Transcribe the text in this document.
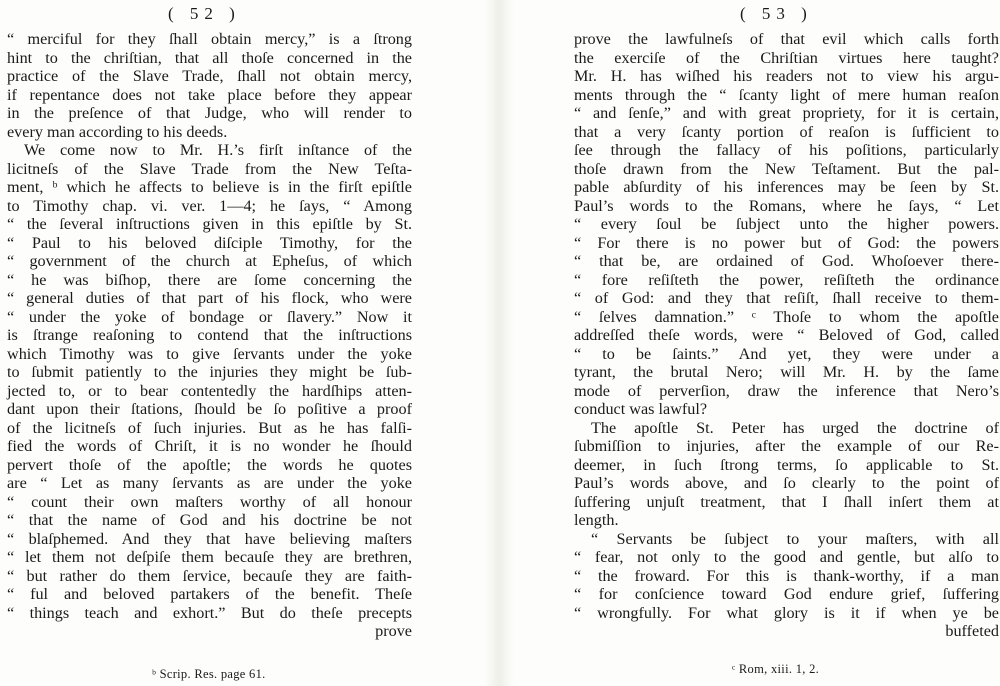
( 52 )
“ merciful for they ſhall obtain mercy,” is a ſtrong
hint to the chriſtian, that all thoſe concerned in the
practice of the Slave Trade, ſhall not obtain mercy,
if repentance does not take place before they appear
in the preſence of that Judge, who will render to
every man according to his deeds.
We come now to Mr. H.’s firſt inſtance of the
licitneſs of the Slave Trade from the New Teſta-
ment, ᵇ which he affects to believe is in the firſt epiſtle
to Timothy chap. vi. ver. 1—4; he ſays, “ Among
“ the ſeveral inſtructions given in this epiſtle by St.
“ Paul to his beloved diſciple Timothy, for the
“ government of the church at Epheſus, of which
“ he was biſhop, there are ſome concerning the
“ general duties of that part of his flock, who were
“ under the yoke of bondage or ſlavery.” Now it
is ſtrange reaſoning to contend that the inſtructions
which Timothy was to give ſervants under the yoke
to ſubmit patiently to the injuries they might be ſub-
jected to, or to bear contentedly the hardſhips atten-
dant upon their ſtations, ſhould be ſo poſitive a proof
of the licitneſs of ſuch injuries. But as he has falſi-
fied the words of Chriſt, it is no wonder he ſhould
pervert thoſe of the apoſtle; the words he quotes
are “ Let as many ſervants as are under the yoke
“ count their own maſters worthy of all honour
“ that the name of God and his doctrine be not
“ blaſphemed. And they that have believing maſters
“ let them not deſpiſe them becauſe they are brethren,
“ but rather do them ſervice, becauſe they are faith-
“ ful and beloved partakers of the benefit. Theſe
“ things teach and exhort.” But do theſe precepts
prove
ᵇ Scrip. Res. page 61.
( 53 )
prove the lawfulneſs of that evil which calls forth
the exerciſe of the Chriſtian virtues here taught?
Mr. H. has wiſhed his readers not to view his argu-
ments through the “ ſcanty light of mere human reaſon
“ and ſenſe,” and with great propriety, for it is certain,
that a very ſcanty portion of reaſon is ſufficient to
ſee through the fallacy of his poſitions, particularly
thoſe drawn from the New Teſtament. But the pal-
pable abſurdity of his inferences may be ſeen by St.
Paul’s words to the Romans, where he ſays, “ Let
“ every ſoul be ſubject unto the higher powers.
“ For there is no power but of God: the powers
“ that be, are ordained of God. Whoſoever there-
“ fore reſiſteth the power, reſiſteth the ordinance
“ of God: and they that reſiſt, ſhall receive to them-
“ ſelves damnation.” ᶜ Thoſe to whom the apoſtle
addreſſed theſe words, were “ Beloved of God, called
“ to be ſaints.” And yet, they were under a
tyrant, the brutal Nero; will Mr. H. by the ſame
mode of perverſion, draw the inference that Nero’s
conduct was lawful?
The apoſtle St. Peter has urged the doctrine of
ſubmiſſion to injuries, after the example of our Re-
deemer, in ſuch ſtrong terms, ſo applicable to St.
Paul’s words above, and ſo clearly to the point of
ſuffering unjuſt treatment, that I ſhall inſert them at
length.
“ Servants be ſubject to your maſters, with all
“ fear, not only to the good and gentle, but alſo to
“ the froward. For this is thank-worthy, if a man
“ for conſcience toward God endure grief, ſuffering
“ wrongfully. For what glory is it if when ye be
buffeted
ᶜ Rom, xiii. 1, 2.
